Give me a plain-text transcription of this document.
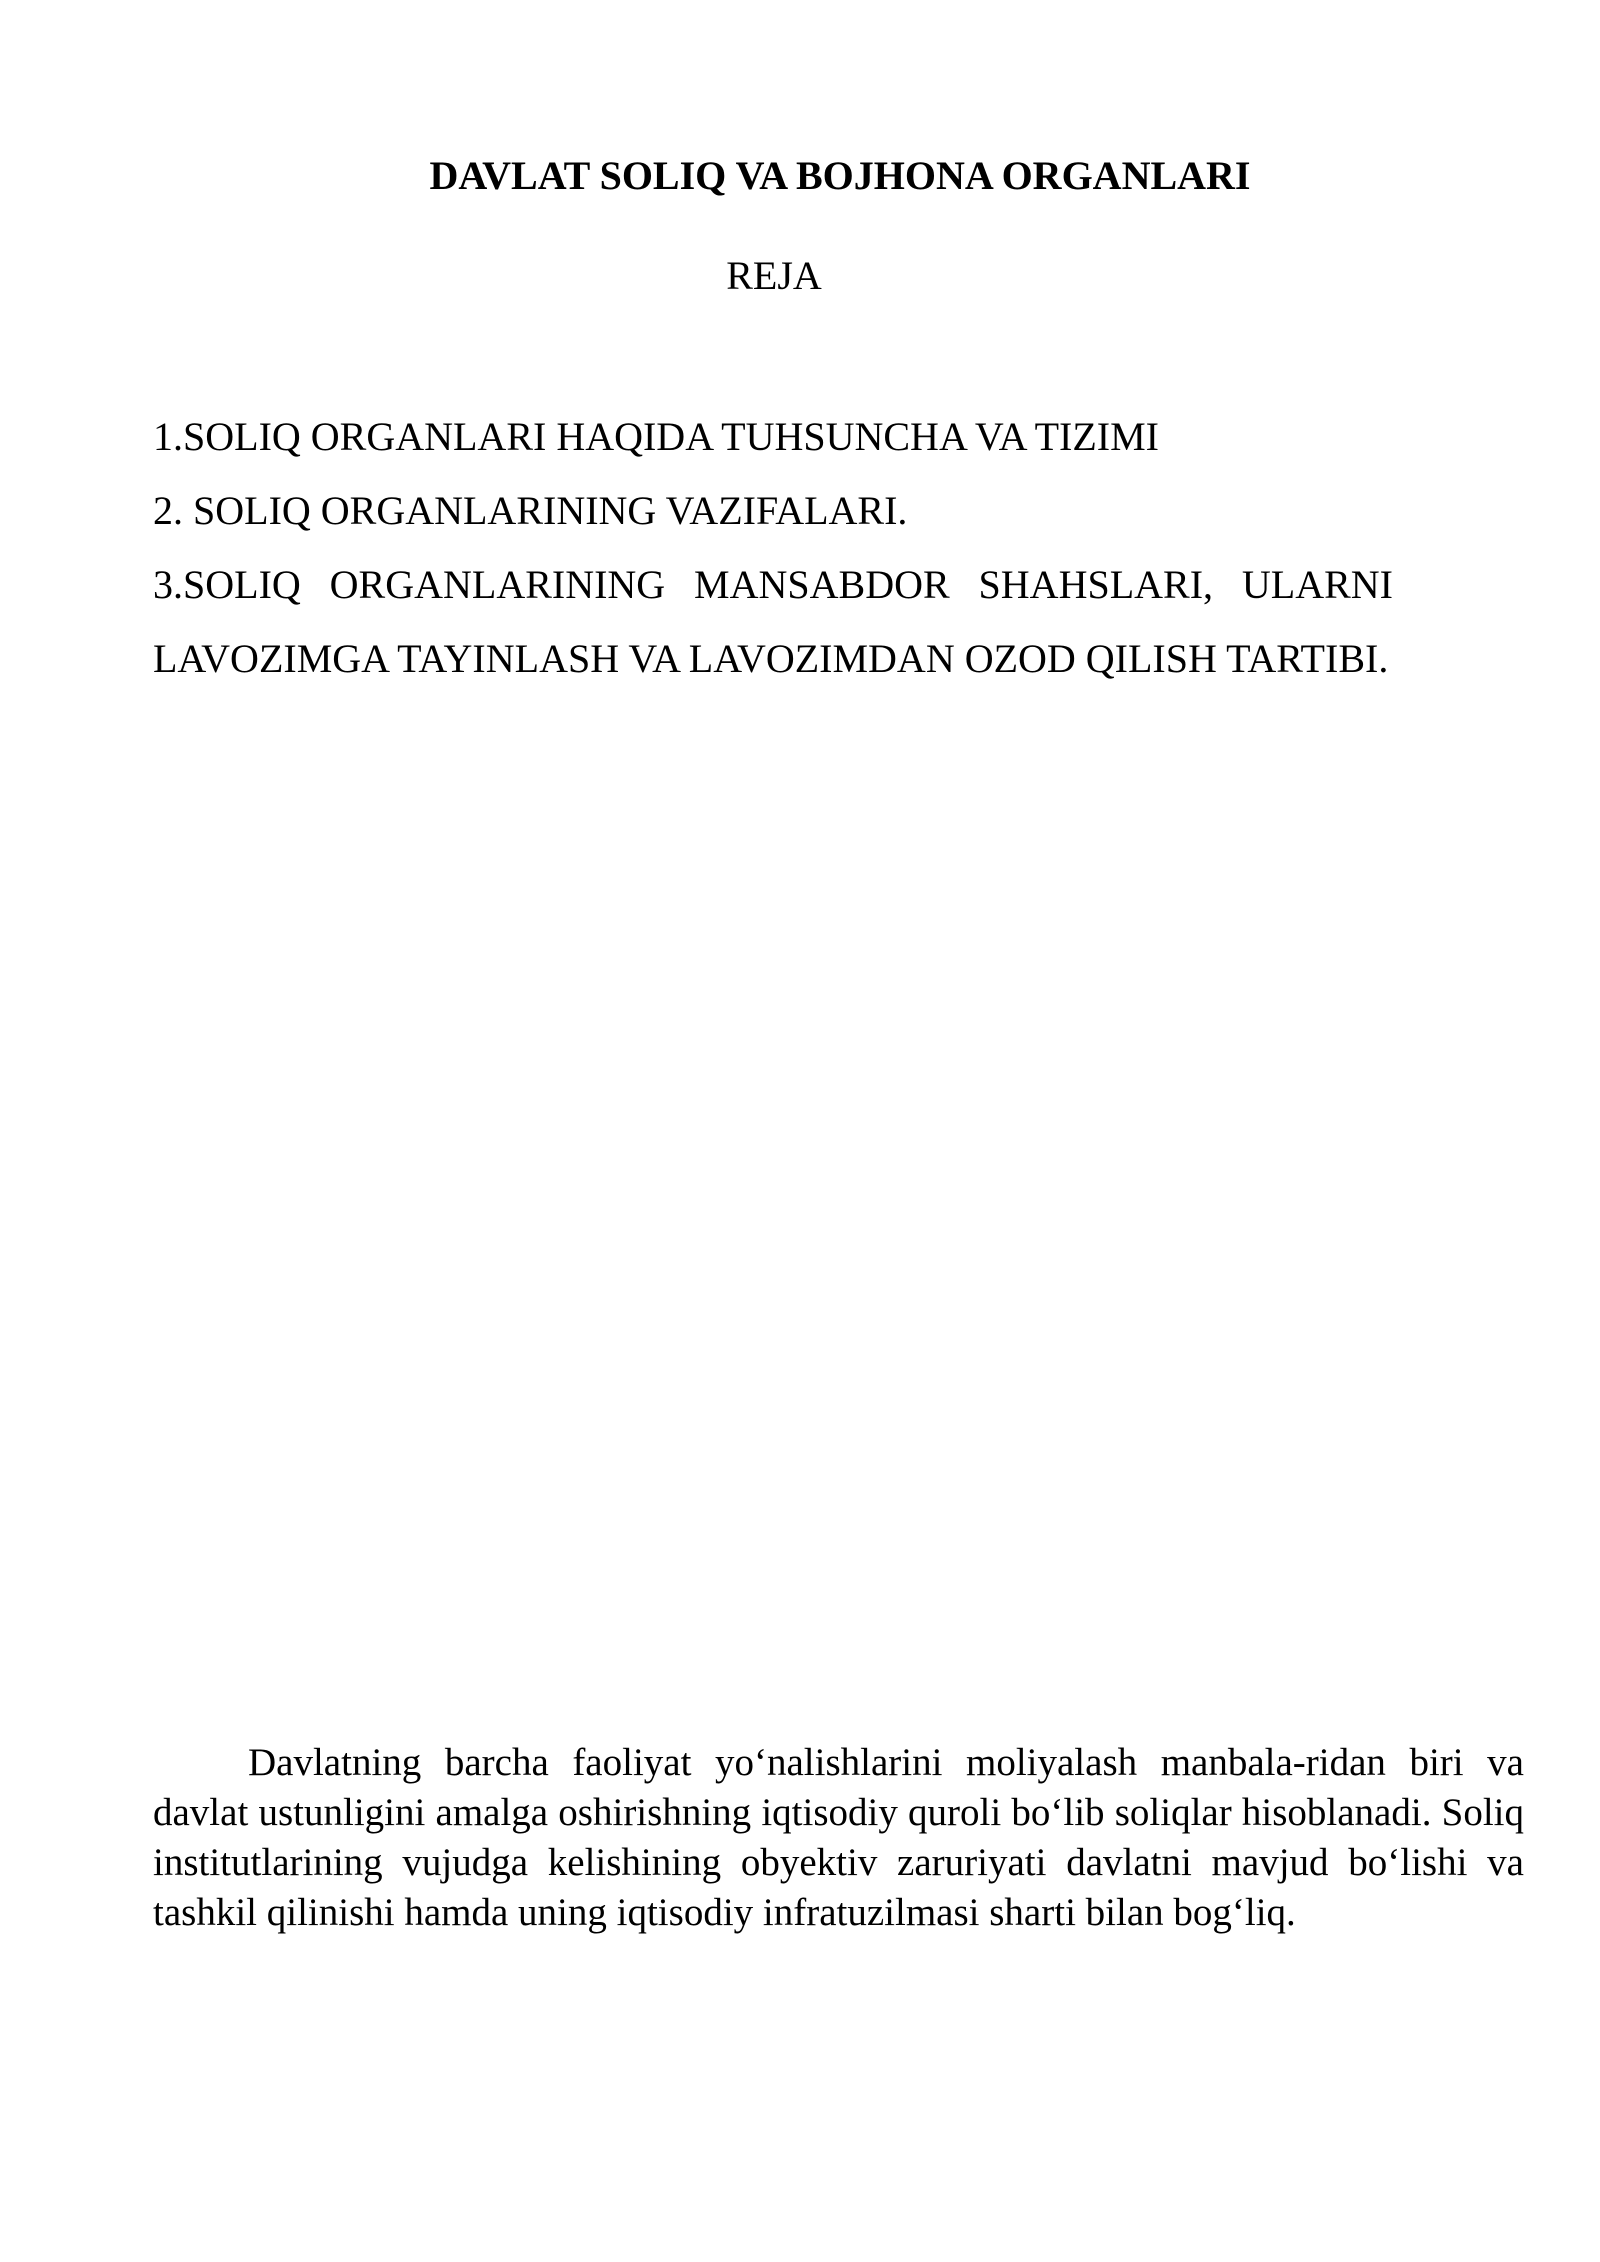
DAVLAT SOLIQ VA BOJHONA ORGANLARI
REJA
1.SOLIQ ORGANLARI HAQIDA TUHSUNCHA VA TIZIMI
2. SOLIQ ORGANLARINING VAZIFALARI.
3.SOLIQ ORGANLARINING MANSABDOR SHAHSLARI, ULARNI LAVOZIMGA TAYINLASH VA LAVOZIMDAN OZOD QILISH TARTIBI.

Davlatning barcha faoliyat yo‘nalishlarini moliyalash manbala-ridan biri va davlat ustunligini amalga oshirishning iqtisodiy quroli bo‘lib soliqlar hisoblanadi. Soliq institutlarining vujudga kelishining obyektiv zaruriyati davlatni mavjud bo‘lishi va tashkil qilinishi hamda uning iqtisodiy infratuzilmasi sharti bilan bog‘liq.
